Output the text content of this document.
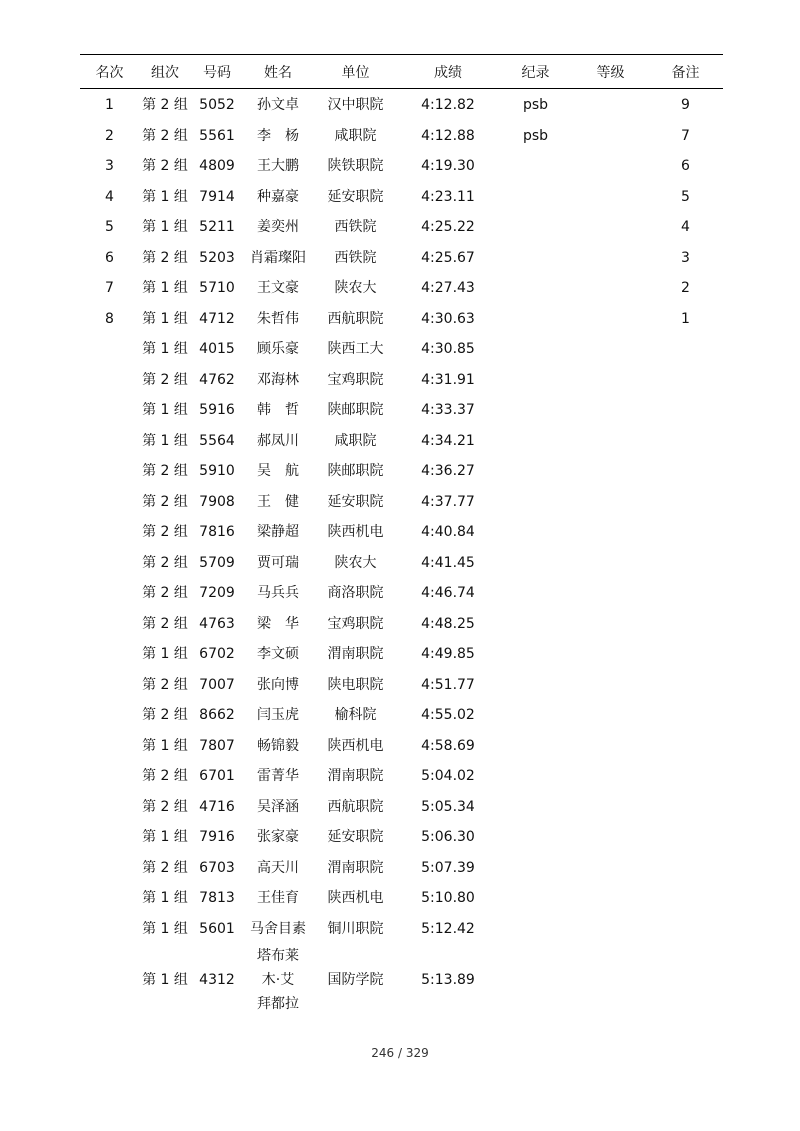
名次	组次	号码	姓名	单位	成绩	纪录	等级	备注
1	第 2 组	5052	孙文卓	汉中职院	4:12.82	psb		9
2	第 2 组	5561	李　杨	咸职院	4:12.88	psb		7
3	第 2 组	4809	王大鹏	陕铁职院	4:19.30			6
4	第 1 组	7914	种嘉豪	延安职院	4:23.11			5
5	第 1 组	5211	姜奕州	西铁院	4:25.22			4
6	第 2 组	5203	肖霜璨阳	西铁院	4:25.67			3
7	第 1 组	5710	王文豪	陕农大	4:27.43			2
8	第 1 组	4712	朱哲伟	西航职院	4:30.63			1
	第 1 组	4015	顾乐豪	陕西工大	4:30.85			
	第 2 组	4762	邓海林	宝鸡职院	4:31.91			
	第 1 组	5916	韩　哲	陕邮职院	4:33.37			
	第 1 组	5564	郝凤川	咸职院	4:34.21			
	第 2 组	5910	吴　航	陕邮职院	4:36.27			
	第 2 组	7908	王　健	延安职院	4:37.77			
	第 2 组	7816	梁静超	陕西机电	4:40.84			
	第 2 组	5709	贾可瑞	陕农大	4:41.45			
	第 2 组	7209	马兵兵	商洛职院	4:46.74			
	第 2 组	4763	梁　华	宝鸡职院	4:48.25			
	第 1 组	6702	李文硕	渭南职院	4:49.85			
	第 2 组	7007	张向博	陕电职院	4:51.77			
	第 2 组	8662	闫玉虎	榆科院	4:55.02			
	第 1 组	7807	畅锦毅	陕西机电	4:58.69			
	第 2 组	6701	雷菁华	渭南职院	5:04.02			
	第 2 组	4716	吴泽涵	西航职院	5:05.34			
	第 1 组	7916	张家豪	延安职院	5:06.30			
	第 2 组	6703	高天川	渭南职院	5:07.39			
	第 1 组	7813	王佳育	陕西机电	5:10.80			
	第 1 组	5601	马舍目素	铜川职院	5:12.42			
	第 1 组	4312	塔布莱木·艾拜都拉	国防学院	5:13.89			
246 / 329
